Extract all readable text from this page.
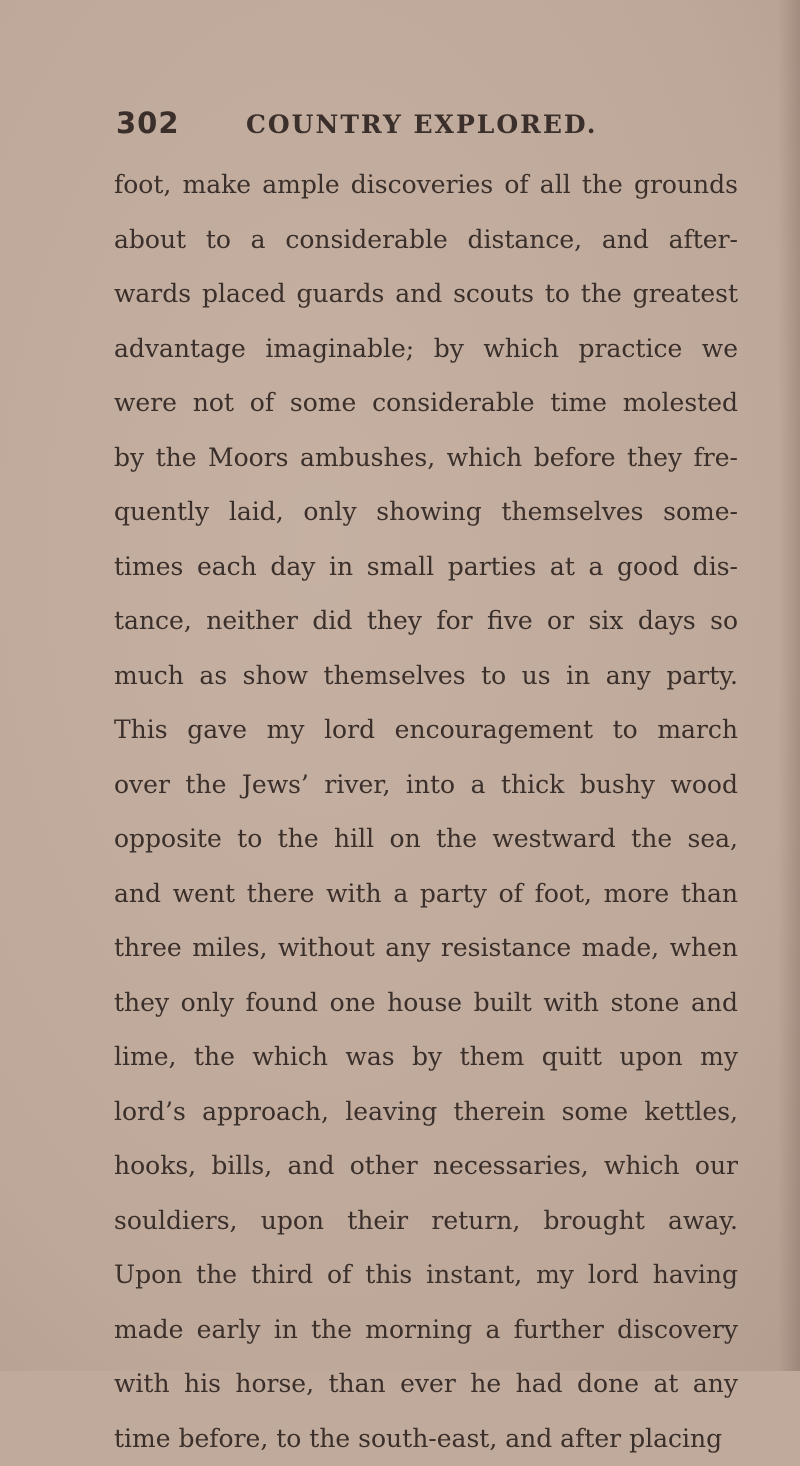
302	COUNTRY EXPLORED.
foot, make ample discoveries of all the grounds
about to a considerable distance, and after-
wards placed guards and scouts to the greatest
advantage imaginable; by which practice we
were not of some considerable time molested
by the Moors ambushes, which before they fre-
quently laid, only showing themselves some-
times each day in small parties at a good dis-
tance, neither did they for five or six days so
much as show themselves to us in any party.
This gave my lord encouragement to march
over the Jews’ river, into a thick bushy wood
opposite to the hill on the westward the sea,
and went there with a party of foot, more than
three miles, without any resistance made, when
they only found one house built with stone and
lime, the which was by them quitt upon my
lord’s approach, leaving therein some kettles,
hooks, bills, and other necessaries, which our
souldiers, upon their return, brought away.
Upon the third of this instant, my lord having
made early in the morning a further discovery
with his horse, than ever he had done at any
time before, to the south-east, and after placing
